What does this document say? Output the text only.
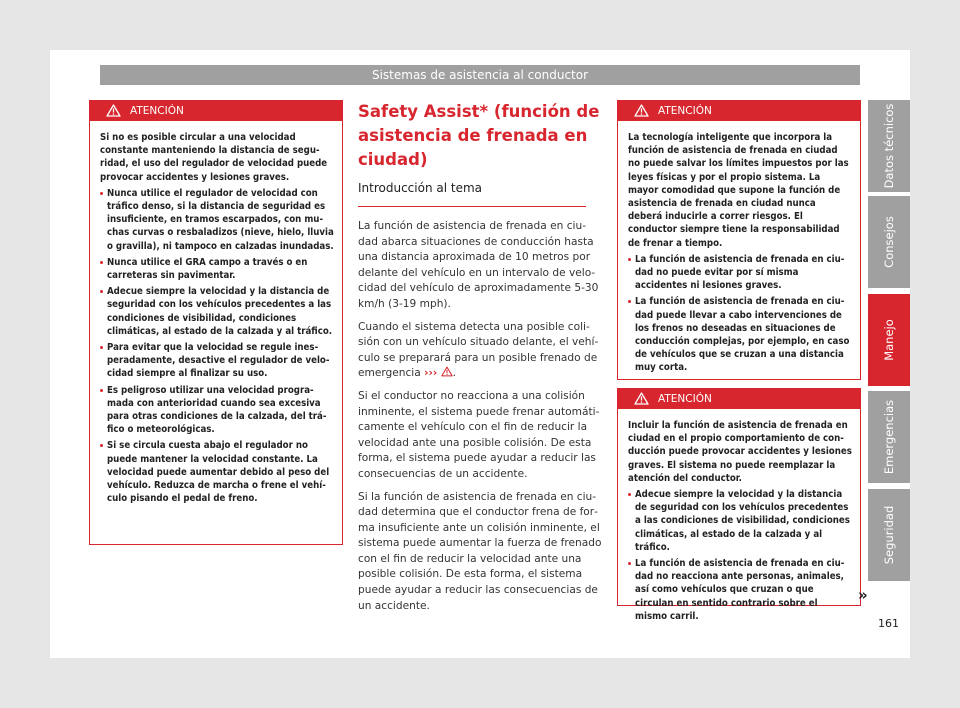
Sistemas de asistencia al conductor
ATENCIÓN

Si no es posible circular a una velocidad constante manteniendo la distancia de seguridad, el uso del regulador de velocidad puede provocar accidentes y lesiones graves.

Nunca utilice el regulador de velocidad con tráfico denso, si la distancia de seguridad es insuficiente, en tramos escarpados, con muchas curvas o resbaladizos (nieve, hielo, lluvia o gravilla), ni tampoco en calzadas inundadas.
Nunca utilice el GRA campo a través o en carreteras sin pavimentar.
Adecue siempre la velocidad y la distancia de seguridad con los vehículos precedentes a las condiciones de visibilidad, condiciones climáticas, al estado de la calzada y al tráfico.
Para evitar que la velocidad se regule inesperadamente, desactive el regulador de velocidad siempre al finalizar su uso.
Es peligroso utilizar una velocidad programada con anterioridad cuando sea excesiva para otras condiciones de la calzada, del tráfico o meteorológicas.
Si se circula cuesta abajo el regulador no puede mantener la velocidad constante. La velocidad puede aumentar debido al peso del vehículo. Reduzca de marcha o frene el vehículo pisando el pedal de freno.
Safety Assist* (función de asistencia de frenada en ciudad)
Introducción al tema

La función de asistencia de frenada en ciudad abarca situaciones de conducción hasta una distancia aproximada de 10 metros por delante del vehículo en un intervalo de velocidad del vehículo de aproximadamente 5-30 km/h (3-19 mph).

Cuando el sistema detecta una posible colisión con un vehículo situado delante, el vehículo se preparará para un posible frenado de emergencia ››› .

Si el conductor no reacciona a una colisión inminente, el sistema puede frenar automáticamente el vehículo con el fin de reducir la velocidad ante una posible colisión. De esta forma, el sistema puede ayudar a reducir las consecuencias de un accidente.

Si la función de asistencia de frenada en ciudad determina que el conductor frena de forma insuficiente ante un colisión inminente, el sistema puede aumentar la fuerza de frenado con el fin de reducir la velocidad ante una posible colisión. De esta forma, el sistema puede ayudar a reducir las consecuencias de un accidente.

ATENCIÓN

La tecnología inteligente que incorpora la función de asistencia de frenada en ciudad no puede salvar los límites impuestos por las leyes físicas y por el propio sistema. La mayor comodidad que supone la función de asistencia de frenada en ciudad nunca deberá inducirle a correr riesgos. El conductor siempre tiene la responsabilidad de frenar a tiempo.

La función de asistencia de frenada en ciudad no puede evitar por sí misma accidentes ni lesiones graves.
La función de asistencia de frenada en ciudad puede llevar a cabo intervenciones de los frenos no deseadas en situaciones de conducción complejas, por ejemplo, en caso de vehículos que se cruzan a una distancia muy corta.
ATENCIÓN

Incluir la función de asistencia de frenada en ciudad en el propio comportamiento de conducción puede provocar accidentes y lesiones graves. El sistema no puede reemplazar la atención del conductor.

Adecue siempre la velocidad y la distancia de seguridad con los vehículos precedentes a las condiciones de visibilidad, condiciones climáticas, al estado de la calzada y al tráfico.
La función de asistencia de frenada en ciudad no reacciona ante personas, animales, así como vehículos que cruzan o que circulan en sentido contrario sobre el mismo carril.
»
Datos técnicos
Consejos
Manejo
Emergencias
Seguridad
161
